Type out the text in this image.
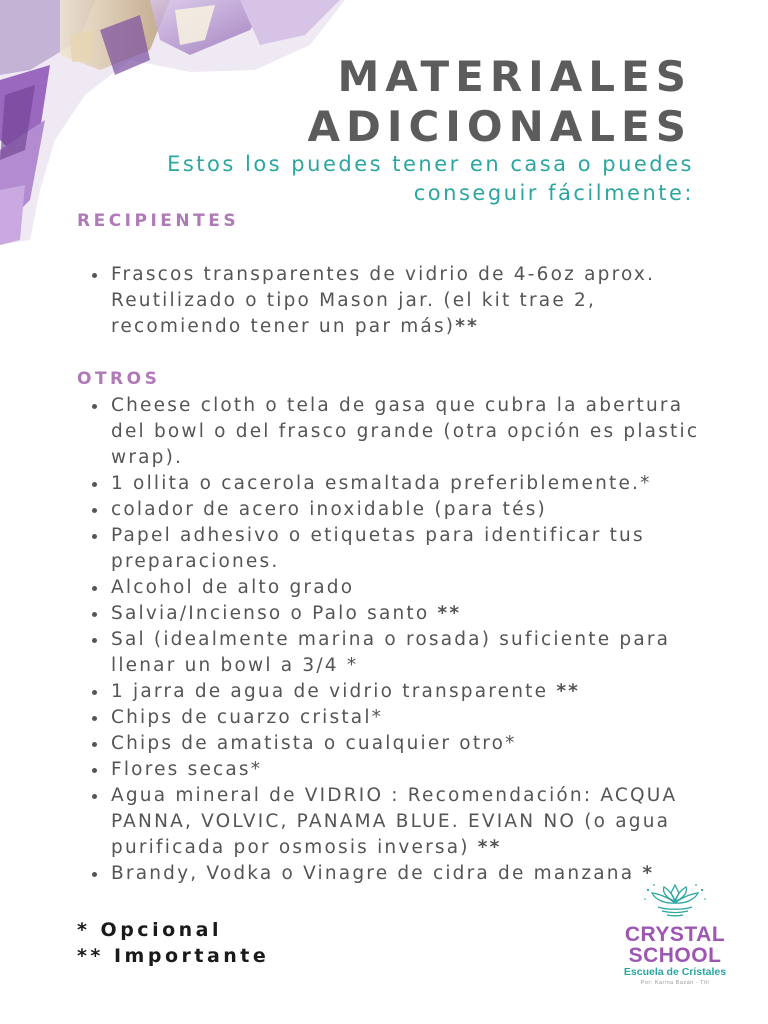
MATERIALES
ADICIONALES
Estos los puedes tener en casa o puedes
conseguir fácilmente:
RECIPIENTES
Frascos transparentes de vidrio de 4-6oz aprox. Reutilizado o tipo Mason jar. (el kit trae 2, recomiendo tener un par más)**
OTROS
Cheese cloth o tela de gasa que cubra la abertura del bowl o del frasco grande (otra opción es plastic wrap).
1 ollita o cacerola esmaltada preferiblemente.*
colador de acero inoxidable (para tés)
Papel adhesivo o etiquetas para identificar tus preparaciones.
Alcohol de alto grado
Salvia/Incienso o Palo santo **
Sal (idealmente marina o rosada) suficiente para llenar un bowl a 3/4 *
1 jarra de agua de vidrio transparente **
Chips de cuarzo cristal*
Chips de amatista o cualquier otro*
Flores secas*
Agua mineral de VIDRIO : Recomendación: ACQUA PANNA, VOLVIC, PANAMA BLUE. EVIAN NO (o agua purificada por osmosis inversa) **
Brandy, Vodka o Vinagre de cidra de manzana *
* Opcional
** Importante
CRYSTAL
SCHOOL
Escuela de Cristales
Por: Karina Bazán - Titi
